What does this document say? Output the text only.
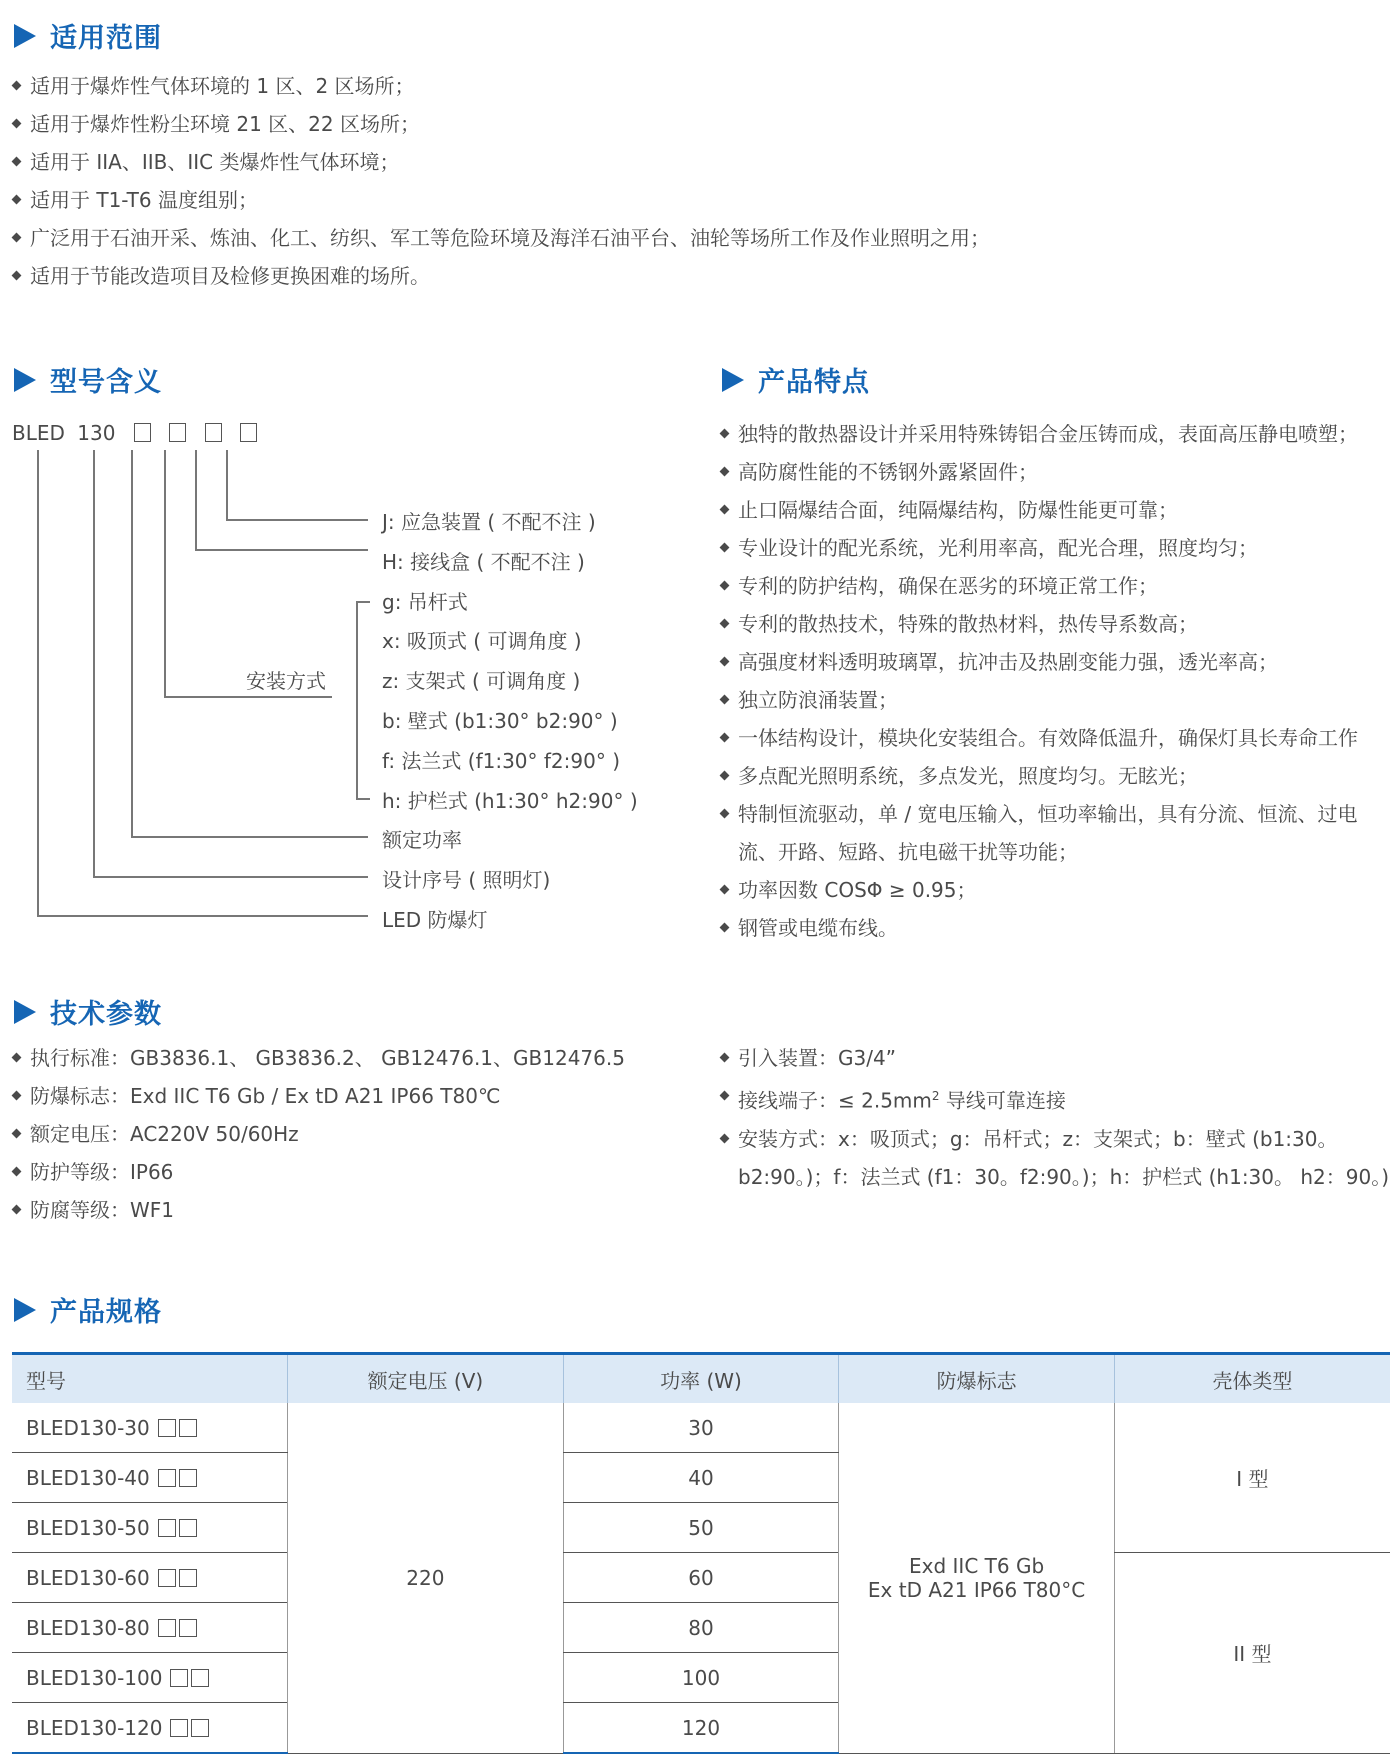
适用范围
适用于爆炸性气体环境的 1 区、2 区场所；
适用于爆炸性粉尘环境 21 区、22 区场所；
适用于 IIA、IIB、IIC 类爆炸性气体环境；
适用于 T1-T6 温度组别；
广泛用于石油开采、炼油、化工、纺织、军工等危险环境及海洋石油平台、油轮等场所工作及作业照明之用；
适用于节能改造项目及检修更换困难的场所。
型号含义
BLED 130
安装方式
J: 应急装置 ( 不配不注 )
H: 接线盒 ( 不配不注 )
g: 吊杆式
x: 吸顶式 ( 可调角度 )
z: 支架式 ( 可调角度 )
b: 壁式 (b1:30° b2:90° )
f: 法兰式 (f1:30° f2:90° )
h: 护栏式 (h1:30° h2:90° )
额定功率
设计序号 ( 照明灯)
LED 防爆灯
产品特点
独特的散热器设计并采用特殊铸铝合金压铸而成，表面高压静电喷塑；
高防腐性能的不锈钢外露紧固件；
止口隔爆结合面，纯隔爆结构，防爆性能更可靠；
专业设计的配光系统，光利用率高，配光合理，照度均匀；
专利的防护结构，确保在恶劣的环境正常工作；
专利的散热技术，特殊的散热材料，热传导系数高；
高强度材料透明玻璃罩，抗冲击及热剧变能力强，透光率高；
独立防浪涌装置；
一体结构设计，模块化安装组合。有效降低温升，确保灯具长寿命工作
多点配光照明系统，多点发光，照度均匀。无眩光；
特制恒流驱动，单 / 宽电压输入，恒功率输出，具有分流、恒流、过电流、开路、短路、抗电磁干扰等功能；
功率因数 COSΦ ≥ 0.95；
钢管或电缆布线。
技术参数
执行标准：GB3836.1、 GB3836.2、 GB12476.1、GB12476.5
防爆标志：Exd IIC T6 Gb / Ex tD A21 IP66 T80℃
额定电压：AC220V 50/60Hz
防护等级：IP66
防腐等级：WF1
引入装置：G3/4”
接线端子：≤ $2.5mm^2$ 导线可靠连接
安装方式：x：吸顶式；g：吊杆式；z：支架式；b：壁式 (b1:30。 b2:90。)；f：法兰式 (f1：30。f2:90。)；h：护栏式 (h1:30。 h2：90。)
产品规格
型号	额定电压 (V)	功率 (W)	防爆标志	壳体类型
BLED130-30	220	30	Exd IIC T6 Gb
Ex tD A21 IP66 T80°C	I 型
BLED130-40		40		
BLED130-50		50		
BLED130-60		60		II 型
BLED130-80		80		
BLED130-100		100		
BLED130-120		120		
